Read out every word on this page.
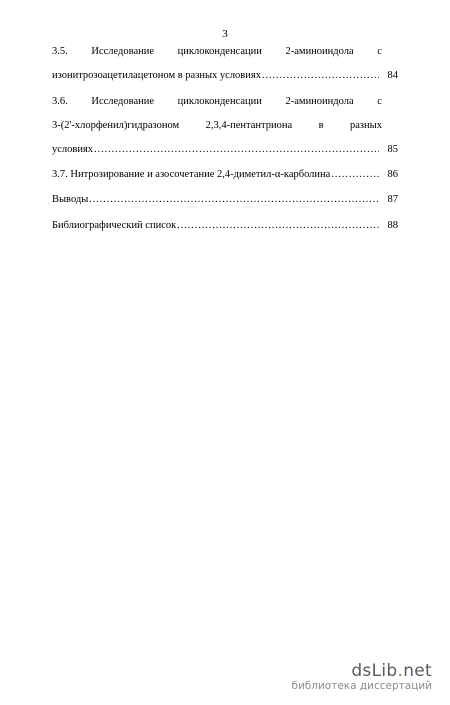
3
3.5. Исследование циклоконденсации 2-аминоиндола с
изонитрозоацетилацетоном в разных условиях .....	84
3.6. Исследование циклоконденсации 2-аминоиндола с
3-(2'-хлорфенил)гидразоном	2,3,4-пентантриона	в	разных
условиях .....	85
3.7. Нитрозирование и азосочетание 2,4-диметил-α-карболина .....	86
Выводы .....	87
Библиографический список .....	88
dsLib.net
библиотека диссертаций
